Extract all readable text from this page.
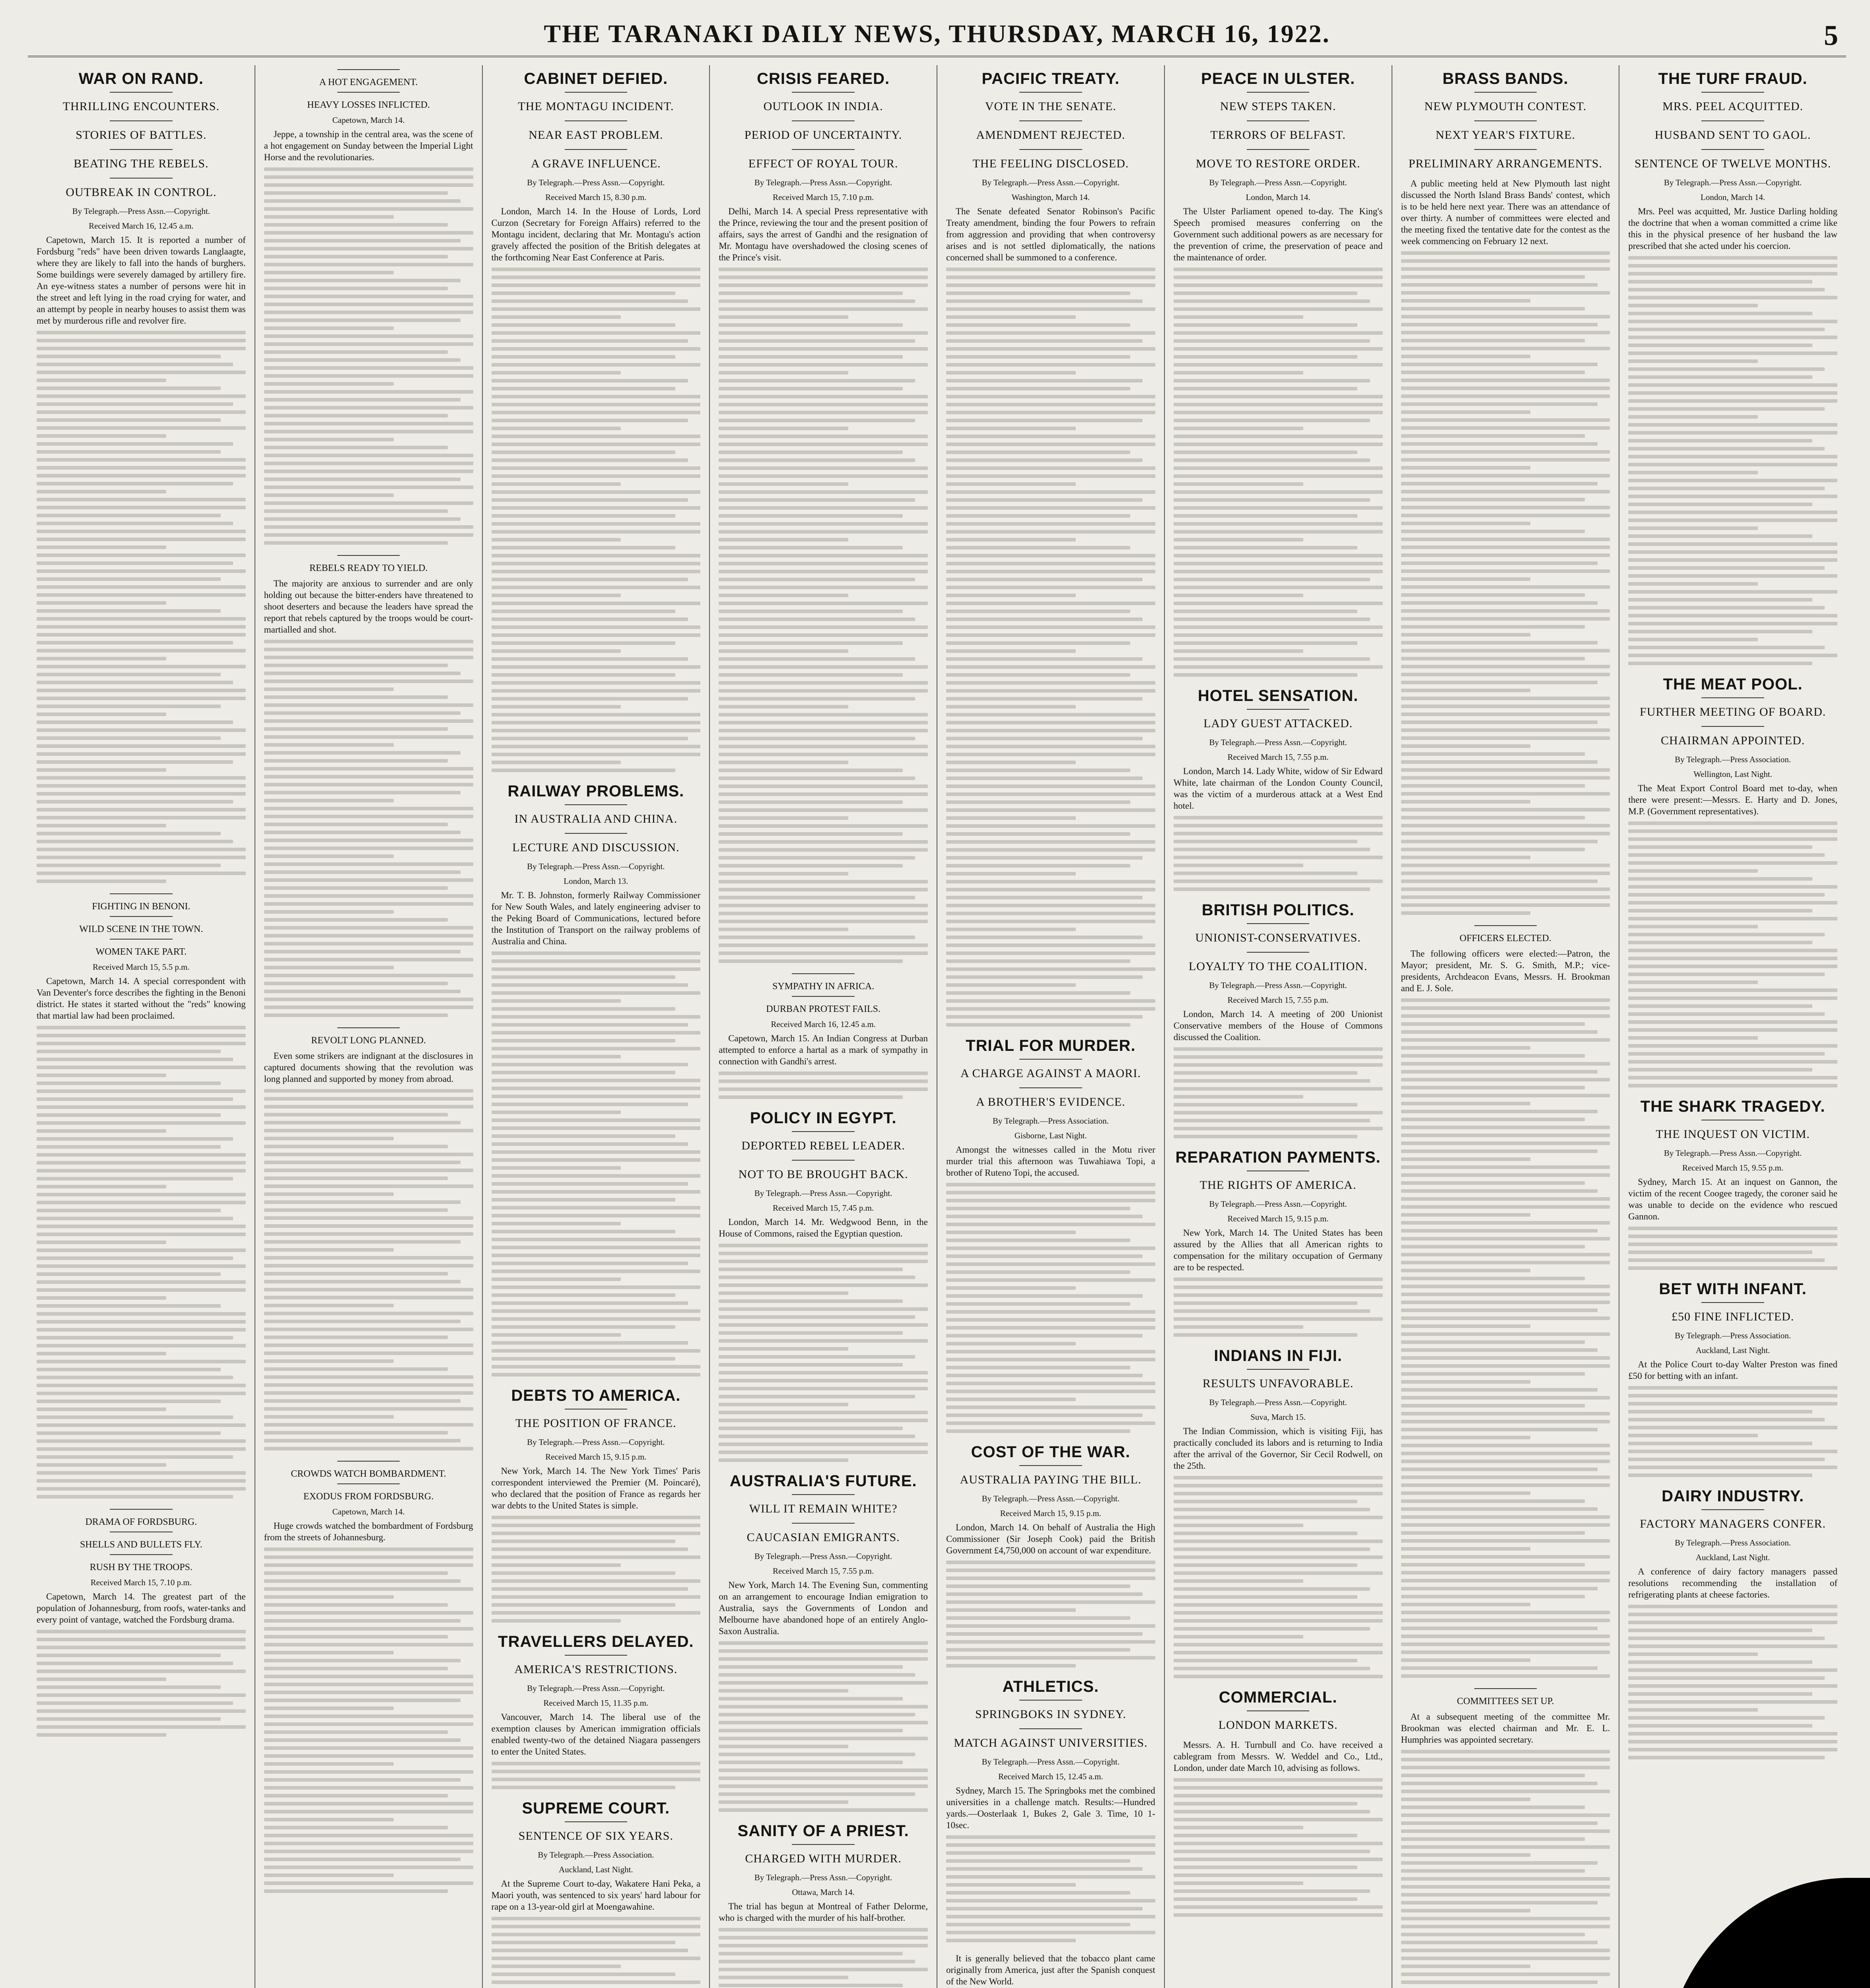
THE TARANAKI DAILY NEWS, THURSDAY, MARCH 16, 1922.	5
WAR ON RAND.
THRILLING ENCOUNTERS.
STORIES OF BATTLES.
BEATING THE REBELS.
OUTBREAK IN CONTROL.
By Telegraph.—Press Assn.—Copyright.
Received March 16, 12.45 a.m.

Capetown, March 15. It is reported a number of Fordsburg "reds" have been driven towards Langlaagte, where they are likely to fall into the hands of burghers. Some buildings were severely damaged by artillery fire. An eye-witness states a number of persons were hit in the street and left lying in the road crying for water, and an attempt by people in nearby houses to assist them was met by murderous rifle and revolver fire.

FIGHTING IN BENONI.
WILD SCENE IN THE TOWN.
WOMEN TAKE PART.
Received March 15, 5.5 p.m.

Capetown, March 14. A special correspondent with Van Deventer's force describes the fighting in the Benoni district. He states it started without the "reds" knowing that martial law had been proclaimed.

DRAMA OF FORDSBURG.
SHELLS AND BULLETS FLY.
RUSH BY THE TROOPS.
Received March 15, 7.10 p.m.

Capetown, March 14. The greatest part of the population of Johannesburg, from roofs, water-tanks and every point of vantage, watched the Fordsburg drama.

A HOT ENGAGEMENT.
HEAVY LOSSES INFLICTED.
Capetown, March 14.

Jeppe, a township in the central area, was the scene of a hot engagement on Sunday between the Imperial Light Horse and the revolutionaries.

REBELS READY TO YIELD.

The majority are anxious to surrender and are only holding out because the bitter-enders have threatened to shoot deserters and because the leaders have spread the report that rebels captured by the troops would be court-martialled and shot.

REVOLT LONG PLANNED.

Even some strikers are indignant at the disclosures in captured documents showing that the revolution was long planned and supported by money from abroad.

CROWDS WATCH BOMBARDMENT.
EXODUS FROM FORDSBURG.
Capetown, March 14.

Huge crowds watched the bombardment of Fordsburg from the streets of Johannesburg.

CABINET DEFIED.
THE MONTAGU INCIDENT.
NEAR EAST PROBLEM.
A GRAVE INFLUENCE.
By Telegraph.—Press Assn.—Copyright.
Received March 15, 8.30 p.m.

London, March 14. In the House of Lords, Lord Curzon (Secretary for Foreign Affairs) referred to the Montagu incident, declaring that Mr. Montagu's action gravely affected the position of the British delegates at the forthcoming Near East Conference at Paris.

RAILWAY PROBLEMS.
IN AUSTRALIA AND CHINA.
LECTURE AND DISCUSSION.
By Telegraph.—Press Assn.—Copyright.
London, March 13.

Mr. T. B. Johnston, formerly Railway Commissioner for New South Wales, and lately engineering adviser to the Peking Board of Communications, lectured before the Institution of Transport on the railway problems of Australia and China.

DEBTS TO AMERICA.
THE POSITION OF FRANCE.
By Telegraph.—Press Assn.—Copyright.
Received March 15, 9.15 p.m.

New York, March 14. The New York Times' Paris correspondent interviewed the Premier (M. Poincaré), who declared that the position of France as regards her war debts to the United States is simple.

TRAVELLERS DELAYED.
AMERICA'S RESTRICTIONS.
By Telegraph.—Press Assn.—Copyright.
Received March 15, 11.35 p.m.

Vancouver, March 14. The liberal use of the exemption clauses by American immigration officials enabled twenty-two of the detained Niagara passengers to enter the United States.

SUPREME COURT.
SENTENCE OF SIX YEARS.
By Telegraph.—Press Association.
Auckland, Last Night.

At the Supreme Court to-day, Wakatere Hani Peka, a Maori youth, was sentenced to six years' hard labour for rape on a 13-year-old girl at Moengawahine.

CRISIS FEARED.
OUTLOOK IN INDIA.
PERIOD OF UNCERTAINTY.
EFFECT OF ROYAL TOUR.
By Telegraph.—Press Assn.—Copyright.
Received March 15, 7.10 p.m.

Delhi, March 14. A special Press representative with the Prince, reviewing the tour and the present position of affairs, says the arrest of Gandhi and the resignation of Mr. Montagu have overshadowed the closing scenes of the Prince's visit.

SYMPATHY IN AFRICA.
DURBAN PROTEST FAILS.
Received March 16, 12.45 a.m.

Capetown, March 15. An Indian Congress at Durban attempted to enforce a hartal as a mark of sympathy in connection with Gandhi's arrest.

POLICY IN EGYPT.
DEPORTED REBEL LEADER.
NOT TO BE BROUGHT BACK.
By Telegraph.—Press Assn.—Copyright.
Received March 15, 7.45 p.m.

London, March 14. Mr. Wedgwood Benn, in the House of Commons, raised the Egyptian question.

AUSTRALIA'S FUTURE.
WILL IT REMAIN WHITE?
CAUCASIAN EMIGRANTS.
By Telegraph.—Press Assn.—Copyright.
Received March 15, 7.55 p.m.

New York, March 14. The Evening Sun, commenting on an arrangement to encourage Indian emigration to Australia, says the Governments of London and Melbourne have abandoned hope of an entirely Anglo-Saxon Australia.

SANITY OF A PRIEST.
CHARGED WITH MURDER.
By Telegraph.—Press Assn.—Copyright.
Ottawa, March 14.

The trial has begun at Montreal of Father Delorme, who is charged with the murder of his half-brother.

PACIFIC TREATY.
VOTE IN THE SENATE.
AMENDMENT REJECTED.
THE FEELING DISCLOSED.
By Telegraph.—Press Assn.—Copyright.
Washington, March 14.

The Senate defeated Senator Robinson's Pacific Treaty amendment, binding the four Powers to refrain from aggression and providing that when controversy arises and is not settled diplomatically, the nations concerned shall be summoned to a conference.

TRIAL FOR MURDER.
A CHARGE AGAINST A MAORI.
A BROTHER'S EVIDENCE.
By Telegraph.—Press Association.
Gisborne, Last Night.

Amongst the witnesses called in the Motu river murder trial this afternoon was Tuwahiawa Topi, a brother of Ruteno Topi, the accused.

COST OF THE WAR.
AUSTRALIA PAYING THE BILL.
By Telegraph.—Press Assn.—Copyright.
Received March 15, 9.15 p.m.

London, March 14. On behalf of Australia the High Commissioner (Sir Joseph Cook) paid the British Government £4,750,000 on account of war expenditure.

ATHLETICS.
SPRINGBOKS IN SYDNEY.
MATCH AGAINST UNIVERSITIES.
By Telegraph.—Press Assn.—Copyright.
Received March 15, 12.45 a.m.

Sydney, March 15. The Springboks met the combined universities in a challenge match. Results:—Hundred yards.—Oosterlaak 1, Bukes 2, Gale 3. Time, 10 1-10sec.

It is generally believed that the tobacco plant came originally from America, just after the Spanish conquest of the New World.

PEACE IN ULSTER.
NEW STEPS TAKEN.
TERRORS OF BELFAST.
MOVE TO RESTORE ORDER.
By Telegraph.—Press Assn.—Copyright.
London, March 14.

The Ulster Parliament opened to-day. The King's Speech promised measures conferring on the Government such additional powers as are necessary for the prevention of crime, the preservation of peace and the maintenance of order.

HOTEL SENSATION.
LADY GUEST ATTACKED.
By Telegraph.—Press Assn.—Copyright.
Received March 15, 7.55 p.m.

London, March 14. Lady White, widow of Sir Edward White, late chairman of the London County Council, was the victim of a murderous attack at a West End hotel.

BRITISH POLITICS.
UNIONIST-CONSERVATIVES.
LOYALTY TO THE COALITION.
By Telegraph.—Press Assn.—Copyright.
Received March 15, 7.55 p.m.

London, March 14. A meeting of 200 Unionist Conservative members of the House of Commons discussed the Coalition.

REPARATION PAYMENTS.
THE RIGHTS OF AMERICA.
By Telegraph.—Press Assn.—Copyright.
Received March 15, 9.15 p.m.

New York, March 14. The United States has been assured by the Allies that all American rights to compensation for the military occupation of Germany are to be respected.

INDIANS IN FIJI.
RESULTS UNFAVORABLE.
By Telegraph.—Press Assn.—Copyright.
Suva, March 15.

The Indian Commission, which is visiting Fiji, has practically concluded its labors and is returning to India after the arrival of the Governor, Sir Cecil Rodwell, on the 25th.

COMMERCIAL.
LONDON MARKETS.

Messrs. A. H. Turnbull and Co. have received a cablegram from Messrs. W. Weddel and Co., Ltd., London, under date March 10, advising as follows.

BRASS BANDS.
NEW PLYMOUTH CONTEST.
NEXT YEAR'S FIXTURE.
PRELIMINARY ARRANGEMENTS.

A public meeting held at New Plymouth last night discussed the North Island Brass Bands' contest, which is to be held here next year. There was an attendance of over thirty. A number of committees were elected and the meeting fixed the tentative date for the contest as the week commencing on February 12 next.

OFFICERS ELECTED.

The following officers were elected:—Patron, the Mayor; president, Mr. S. G. Smith, M.P.; vice-presidents, Archdeacon Evans, Messrs. H. Brookman and E. J. Sole.

COMMITTEES SET UP.

At a subsequent meeting of the committee Mr. Brookman was elected chairman and Mr. E. L. Humphries was appointed secretary.

THE TURF FRAUD.
MRS. PEEL ACQUITTED.
HUSBAND SENT TO GAOL.
SENTENCE OF TWELVE MONTHS.
By Telegraph.—Press Assn.—Copyright.
London, March 14.

Mrs. Peel was acquitted, Mr. Justice Darling holding the doctrine that when a woman committed a crime like this in the physical presence of her husband the law prescribed that she acted under his coercion.

THE MEAT POOL.
FURTHER MEETING OF BOARD.
CHAIRMAN APPOINTED.
By Telegraph.—Press Association.
Wellington, Last Night.

The Meat Export Control Board met to-day, when there were present:—Messrs. E. Harty and D. Jones, M.P. (Government representatives).

THE SHARK TRAGEDY.
THE INQUEST ON VICTIM.
By Telegraph.—Press Assn.—Copyright.
Received March 15, 9.55 p.m.

Sydney, March 15. At an inquest on Gannon, the victim of the recent Coogee tragedy, the coroner said he was unable to decide on the evidence who rescued Gannon.

BET WITH INFANT.
£50 FINE INFLICTED.
By Telegraph.—Press Association.
Auckland, Last Night.

At the Police Court to-day Walter Preston was fined £50 for betting with an infant.

DAIRY INDUSTRY.
FACTORY MANAGERS CONFER.
By Telegraph.—Press Association.
Auckland, Last Night.

A conference of dairy factory managers passed resolutions recommending the installation of refrigerating plants at cheese factories.
